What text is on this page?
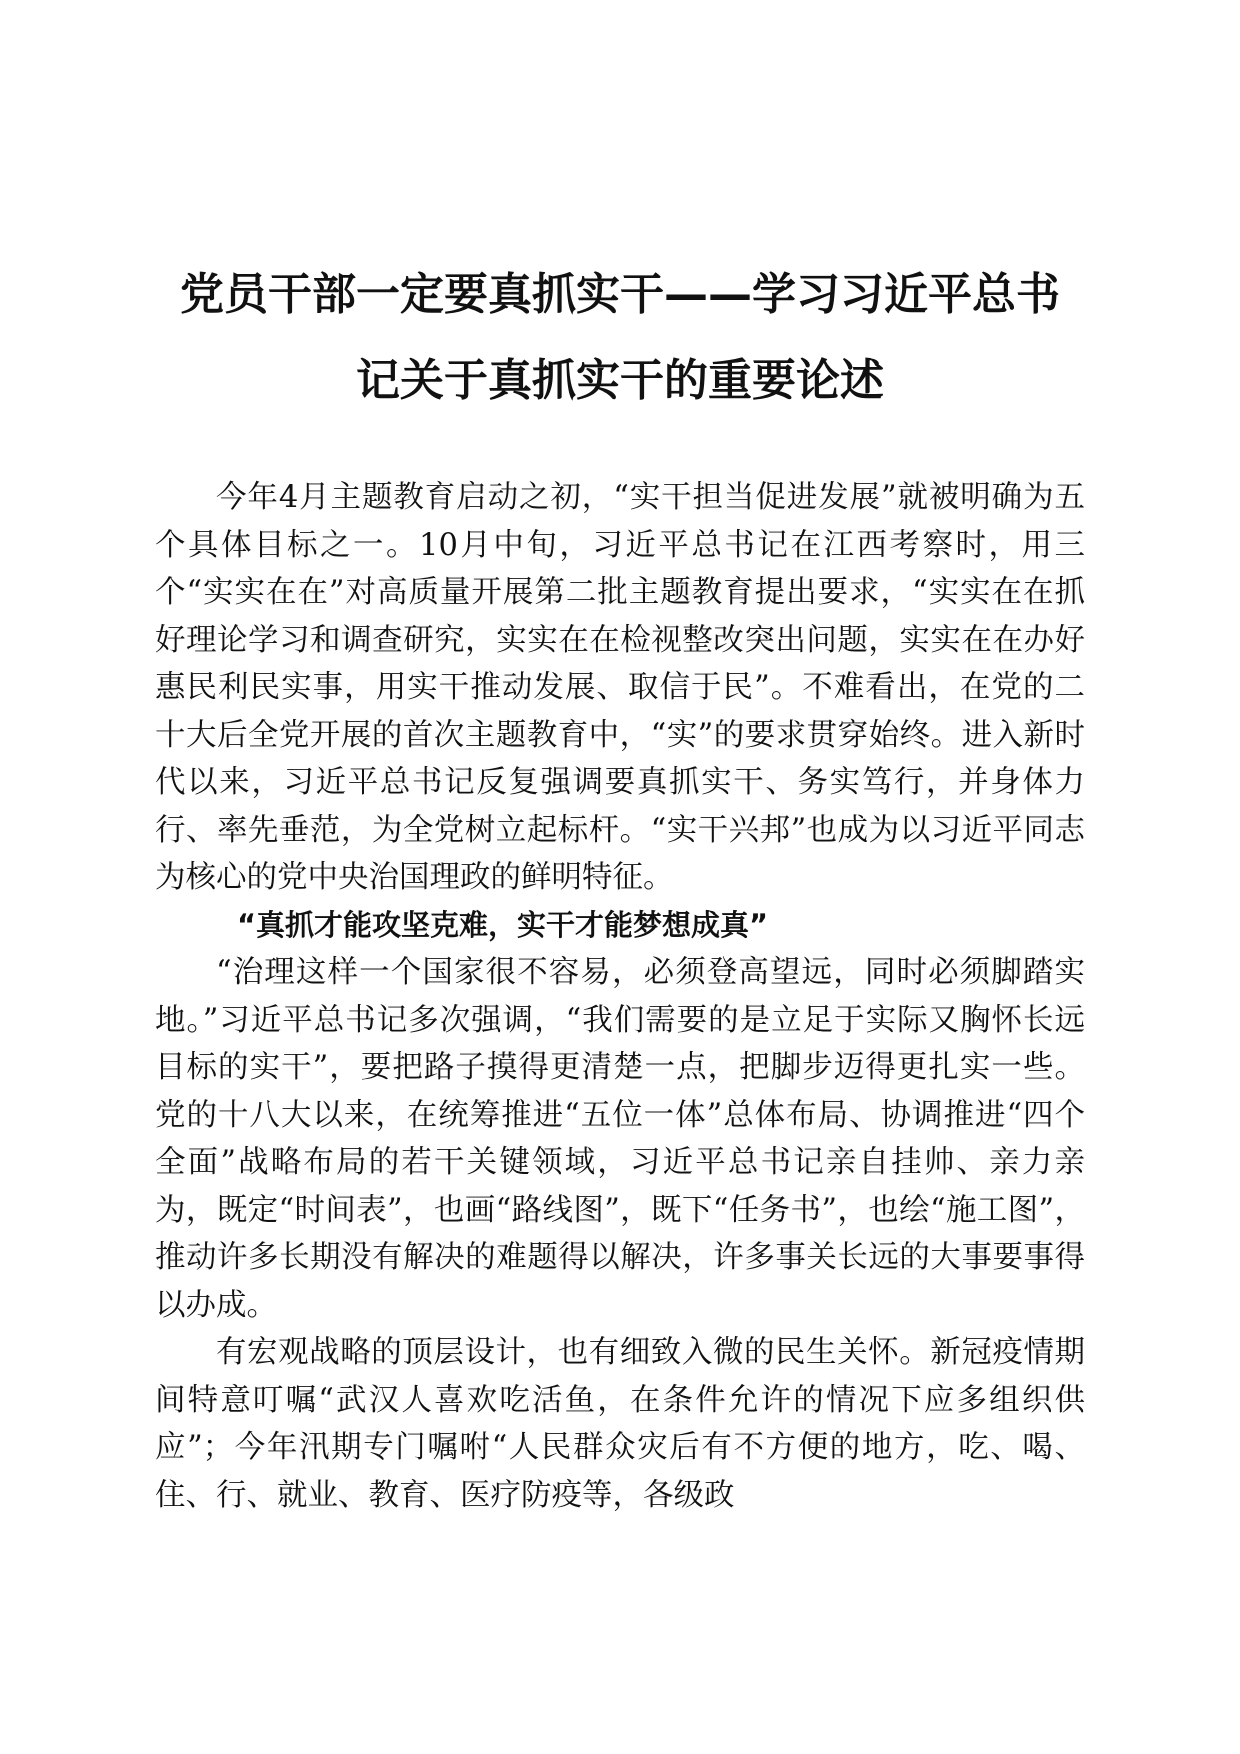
党员干部一定要真抓实干——学习习近平总书
记关于真抓实干的重要论述

今年4月主题教育启动之初，“实干担当促进发展”就被明确为五个具体目标之一。10月中旬，习近平总书记在江西考察时，用三个“实实在在”对高质量开展第二批主题教育提出要求，“实实在在抓好理论学习和调查研究，实实在在检视整改突出问题，实实在在办好惠民利民实事，用实干推动发展、取信于民”。不难看出，在党的二十大后全党开展的首次主题教育中，“实”的要求贯穿始终。进入新时代以来，习近平总书记反复强调要真抓实干、务实笃行，并身体力行、率先垂范，为全党树立起标杆。“实干兴邦”也成为以习近平同志为核心的党中央治国理政的鲜明特征。

“真抓才能攻坚克难，实干才能梦想成真”

“治理这样一个国家很不容易，必须登高望远，同时必须脚踏实地。”习近平总书记多次强调，“我们需要的是立足于实际又胸怀长远目标的实干”，要把路子摸得更清楚一点，把脚步迈得更扎实一些。党的十八大以来，在统筹推进“五位一体”总体布局、协调推进“四个全面”战略布局的若干关键领域，习近平总书记亲自挂帅、亲力亲为，既定“时间表”，也画“路线图”，既下“任务书”，也绘“施工图”，推动许多长期没有解决的难题得以解决，许多事关长远的大事要事得以办成。

有宏观战略的顶层设计，也有细致入微的民生关怀。新冠疫情期间特意叮嘱“武汉人喜欢吃活鱼，在条件允许的情况下应多组织供应”；今年汛期专门嘱咐“人民群众灾后有不方便的地方，吃、喝、住、行、就业、教育、医疗防疫等，各级政
